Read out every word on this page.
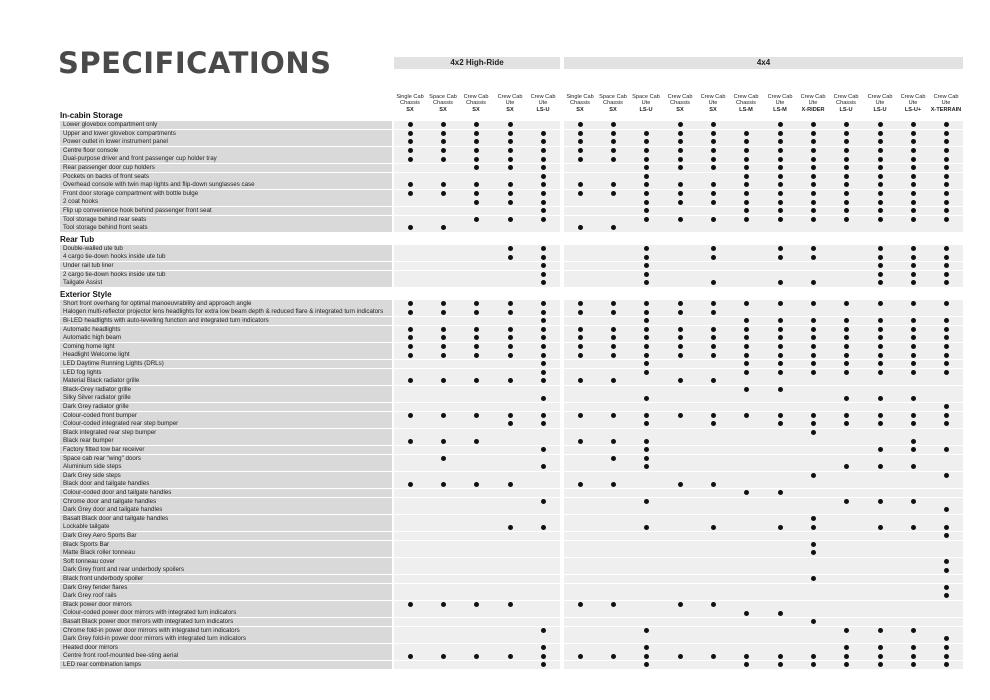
SPECIFICATIONS	4x2 High-Ride	4x4
Single Cab Chassis
SX
Space Cab Chassis
SX
Crew Cab Chassis
SX
Crew Cab Ute
SX
Crew Cab Ute
LS-U
Single Cab Chassis
SX
Space Cab Chassis
SX
Space Cab Ute
LS-U
Crew Cab Chassis
SX
Crew Cab Ute
SX
Crew Cab Chassis
LS-M
Crew Cab Ute
LS-M
Crew Cab Ute
X-RIDER
Crew Cab Chassis
LS-U
Crew Cab Ute
LS-U
Crew Cab Ute
LS-U+
Crew Cab Ute
X-TERRAIN
In-cabin Storage
Lower glovebox compartment only
Upper and lower glovebox compartments
Power outlet in lower instrument panel
Centre floor console
Dual-purpose driver and front passenger cup holder tray
Rear passenger door cup holders
Pockets on backs of front seats
Overhead console with twin map lights and flip-down sunglasses case
Front door storage compartment with bottle bulge
2 coat hooks
Flip up convenience hook behind passenger front seat
Tool storage behind rear seats
Tool storage behind front seats
Rear Tub
Double-walled ute tub
4 cargo tie-down hooks inside ute tub
Under rail tub liner
2 cargo tie-down hooks inside ute tub
Tailgate Assist
Exterior Style
Short front overhang for optimal manoeuvrability and approach angle
Halogen multi-reflector projector lens headlights for extra low beam depth & reduced flare & integrated turn indicators
Bi-LED headlights with auto-levelling function and integrated turn indicators
Automatic headlights
Automatic high beam
Coming home light
Headlight Welcome light
LED Daytime Running Lights (DRLs)
LED fog lights
Material Black radiator grille
Black-Grey radiator grille
Silky Silver radiator grille
Dark Grey radiator grille
Colour-coded front bumper
Colour-coded integrated rear step bumper
Black integrated rear step bumper
Black rear bumper
Factory fitted tow bar receiver
Space cab rear "wing" doors
Aluminium side steps
Dark Grey side steps
Black door and tailgate handles
Colour-coded door and tailgate handles
Chrome door and tailgate handles
Dark Grey door and tailgate handles
Basalt Black door and tailgate handles
Lockable tailgate
Dark Grey Aero Sports Bar
Black Sports Bar
Matte Black roller tonneau
Soft tonneau cover
Dark Grey front and rear underbody spoilers
Black front underbody spoiler
Dark Grey fender flares
Dark Grey roof rails
Black power door mirrors
Colour-coded power door mirrors with integrated turn indicators
Basalt Black power door mirrors with integrated turn indicators
Chrome fold-in power door mirrors with integrated turn indicators
Dark Grey fold-in power door mirrors with integrated turn indicators
Heated door mirrors
Centre front roof-mounted bee-sting aerial
LED rear combination lamps
